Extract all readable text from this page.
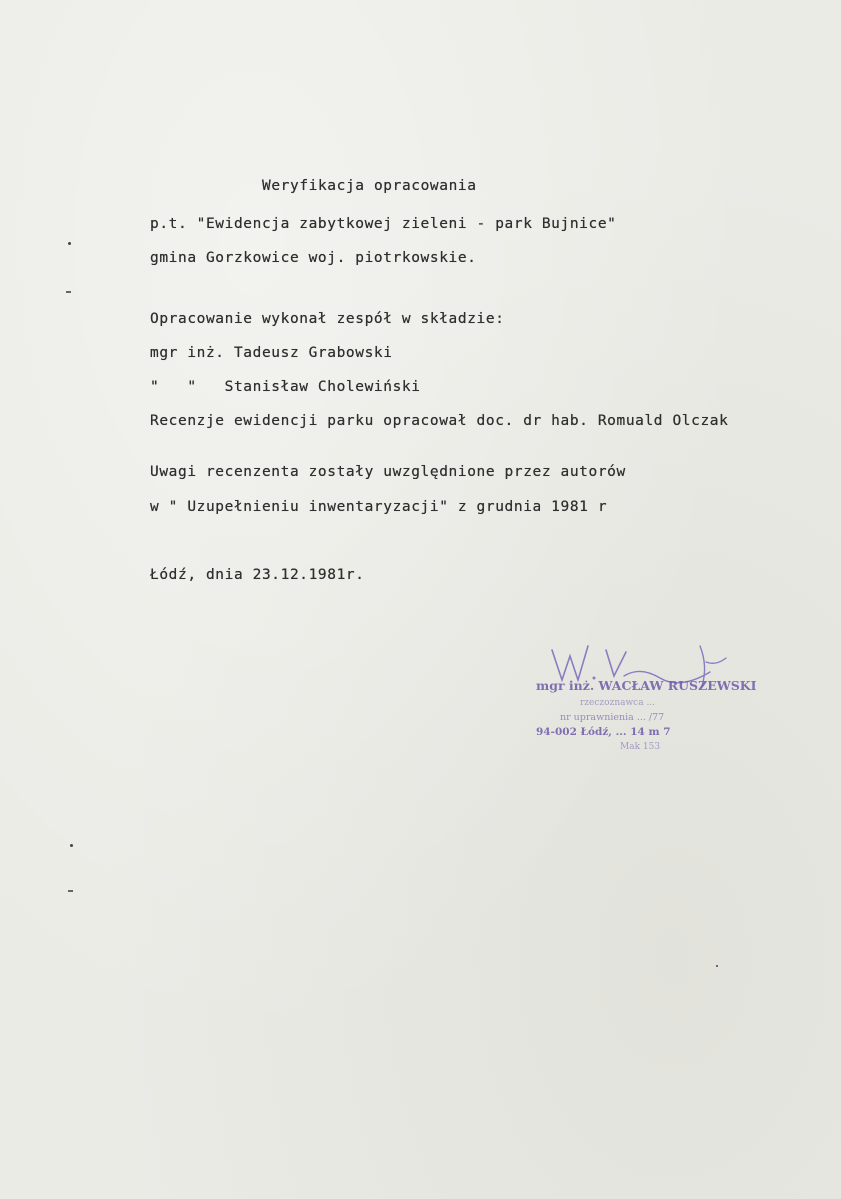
Weryfikacja opracowania
p.t. "Ewidencja zabytkowej zieleni - park Bujnice"
gmina Gorzkowice woj. piotrkowskie.
Opracowanie wykonał zespół w składzie:
mgr inż. Tadeusz Grabowski
"   "   Stanisław Cholewiński
Recenzje ewidencji parku opracował doc. dr hab. Romuald Olczak
Uwagi recenzenta zostały uwzględnione przez autorów
w " Uzupełnieniu inwentaryzacji" z grudnia 1981 r
Łódź, dnia 23.12.1981r.
mgr inż. WACŁAW RUSZEWSKI
rzeczoznawca ...
nr uprawnienia ... /77
94-002 Łódź, ... 14 m 7
Mak 153
